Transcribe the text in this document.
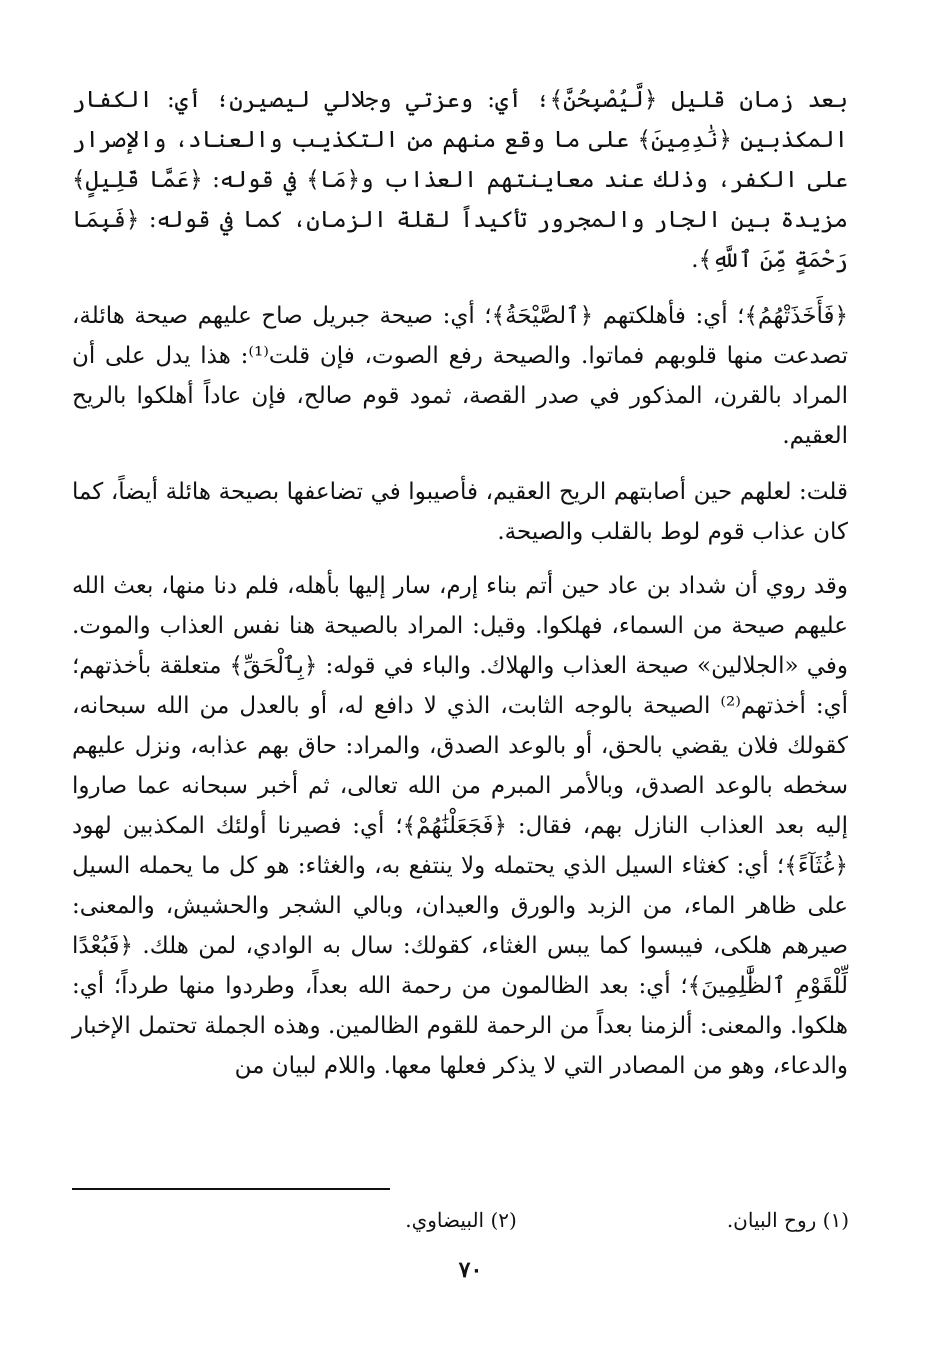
بعد زمان قليل ﴿لَّيُصْبِحُنَّ﴾؛ أي: وعزتي وجلالي ليصيرن؛ أي: الكفار المكذبين ﴿نَٰدِمِينَ﴾ على ما وقع منهم من التكذيب والعناد، والإصرار على الكفر، وذلك عند معاينتهم العذاب و﴿مَا﴾ في قوله: ﴿عَمَّا قَلِيلٍ﴾ مزيدة بين الجار والمجرور تأكيداً لقلة الزمان، كما في قوله: ﴿فَبِمَا رَحْمَةٍ مِّنَ ٱللَّهِ﴾.

﴿فَأَخَذَتْهُمُ﴾؛ أي: فأهلكتهم ﴿ٱلصَّيْحَةُ﴾؛ أي: صيحة جبريل صاح عليهم صيحة هائلة، تصدعت منها قلوبهم فماتوا. والصيحة رفع الصوت، فإن قلت⁽¹⁾: هذا يدل على أن المراد بالقرن، المذكور في صدر القصة، ثمود قوم صالح، فإن عاداً أهلكوا بالريح العقيم.

قلت: لعلهم حين أصابتهم الريح العقيم، فأصيبوا في تضاعفها بصيحة هائلة أيضاً، كما كان عذاب قوم لوط بالقلب والصيحة.

وقد روي أن شداد بن عاد حين أتم بناء إرم، سار إليها بأهله، فلم دنا منها، بعث الله عليهم صيحة من السماء، فهلكوا. وقيل: المراد بالصيحة هنا نفس العذاب والموت. وفي «الجلالين» صيحة العذاب والهلاك. والباء في قوله: ﴿بِٱلْحَقِّ﴾ متعلقة بأخذتهم؛ أي: أخذتهم⁽²⁾ الصيحة بالوجه الثابت، الذي لا دافع له، أو بالعدل من الله سبحانه، كقولك فلان يقضي بالحق، أو بالوعد الصدق، والمراد: حاق بهم عذابه، ونزل عليهم سخطه بالوعد الصدق، وبالأمر المبرم من الله تعالى، ثم أخبر سبحانه عما صاروا إليه بعد العذاب النازل بهم، فقال: ﴿فَجَعَلْنَٰهُمْ﴾؛ أي: فصيرنا أولئك المكذبين لهود ﴿غُثَآءً﴾؛ أي: كغثاء السيل الذي يحتمله ولا ينتفع به، والغثاء: هو كل ما يحمله السيل على ظاهر الماء، من الزبد والورق والعيدان، وبالي الشجر والحشيش، والمعنى: صيرهم هلكى، فيبسوا كما يبس الغثاء، كقولك: سال به الوادي، لمن هلك. ﴿فَبُعْدًا لِّلْقَوْمِ ٱلظَّٰلِمِينَ﴾؛ أي: بعد الظالمون من رحمة الله بعداً، وطردوا منها طرداً؛ أي: هلكوا. والمعنى: ألزمنا بعداً من الرحمة للقوم الظالمين. وهذه الجملة تحتمل الإخبار والدعاء، وهو من المصادر التي لا يذكر فعلها معها. واللام لبيان من

(١) روح البيان.
(٢) البيضاوي.
٧٠
